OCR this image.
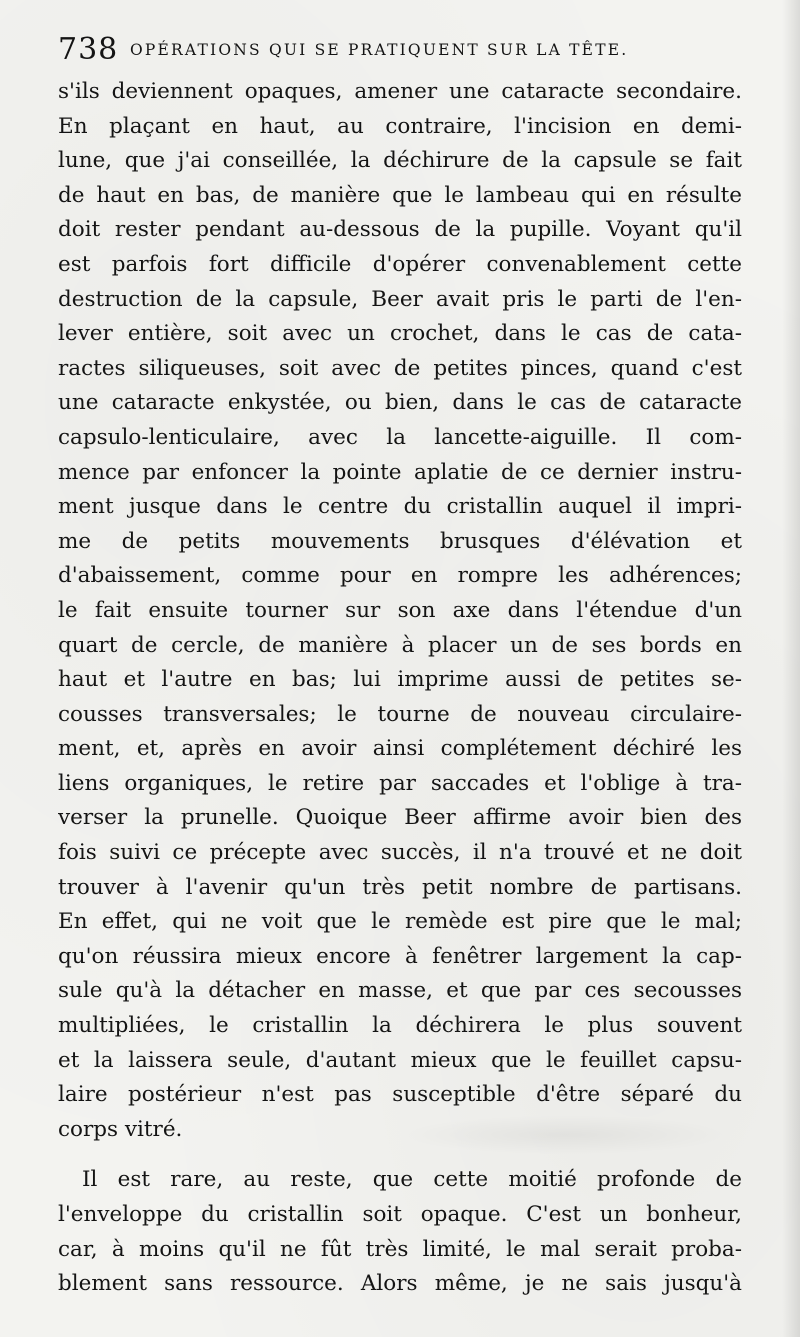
738 OPÉRATIONS QUI SE PRATIQUENT SUR LA TÊTE.
s'ils deviennent opaques, amener une cataracte secondaire.
En plaçant en haut, au contraire, l'incision en demi-
lune, que j'ai conseillée, la déchirure de la capsule se fait
de haut en bas, de manière que le lambeau qui en résulte
doit rester pendant au-dessous de la pupille. Voyant qu'il
est parfois fort difficile d'opérer convenablement cette
destruction de la capsule, Beer avait pris le parti de l'en-
lever entière, soit avec un crochet, dans le cas de cata-
ractes siliqueuses, soit avec de petites pinces, quand c'est
une cataracte enkystée, ou bien, dans le cas de cataracte
capsulo-lenticulaire, avec la lancette-aiguille. Il com-
mence par enfoncer la pointe aplatie de ce dernier instru-
ment jusque dans le centre du cristallin auquel il impri-
me de petits mouvements brusques d'élévation et
d'abaissement, comme pour en rompre les adhérences;
le fait ensuite tourner sur son axe dans l'étendue d'un
quart de cercle, de manière à placer un de ses bords en
haut et l'autre en bas; lui imprime aussi de petites se-
cousses transversales; le tourne de nouveau circulaire-
ment, et, après en avoir ainsi complétement déchiré les
liens organiques, le retire par saccades et l'oblige à tra-
verser la prunelle. Quoique Beer affirme avoir bien des
fois suivi ce précepte avec succès, il n'a trouvé et ne doit
trouver à l'avenir qu'un très petit nombre de partisans.
En effet, qui ne voit que le remède est pire que le mal;
qu'on réussira mieux encore à fenêtrer largement la cap-
sule qu'à la détacher en masse, et que par ces secousses
multipliées, le cristallin la déchirera le plus souvent
et la laissera seule, d'autant mieux que le feuillet capsu-
laire postérieur n'est pas susceptible d'être séparé du
corps vitré.
Il est rare, au reste, que cette moitié profonde de
l'enveloppe du cristallin soit opaque. C'est un bonheur,
car, à moins qu'il ne fût très limité, le mal serait proba-
blement sans ressource. Alors même, je ne sais jusqu'à
